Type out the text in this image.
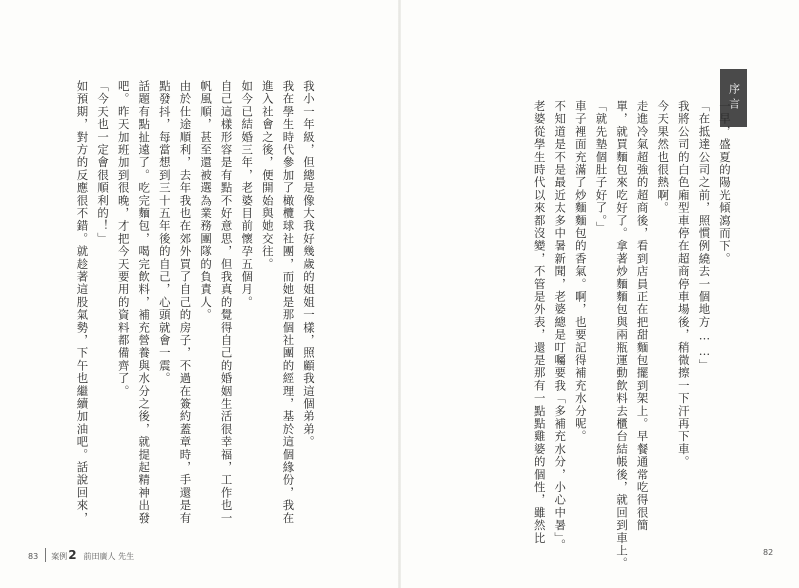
我小一年級，但總是像大我好幾歲的姐姐一樣，照顧我這個弟弟。

我在學生時代參加了橄欖球社團，而她是那個社團的經理，基於這個緣份，我在

進入社會之後，便開始與她交往。

如今已結婚三年，老婆目前懷孕五個月。

自己這樣形容是有點不好意思，但我真的覺得自己的婚姻生活很幸福，工作也一

帆風順，甚至還被選為業務團隊的負責人。

由於仕途順利，去年我也在郊外買了自己的房子，不過在簽約蓋章時，手還是有

點發抖，每當想到三十五年後的自己，心頭就會一震。

話題有點扯遠了。吃完麵包，喝完飲料，補充營養與水分之後，就提起精神出發

吧。昨天加班加到很晚，才把今天要用的資料都備齊了。

「今天也一定會很順利的！」

如預期，對方的反應很不錯。就趁著這股氣勢，下午也繼續加油吧。話說回來，

83 案例 2 前田廣人 先生
序言

一早，盛夏的陽光傾瀉而下。

「在抵達公司之前，照慣例繞去一個地方……」

我將公司的白色廂型車停在超商停車場後，稍微擦一下汗再下車。

今天果然也很熱啊。

走進冷氣超強的超商後，看到店員正在把甜麵包擺到架上。早餐通常吃得很簡

單，就買麵包來吃好了。拿著炒麵麵包與兩瓶運動飲料去櫃台結帳後，就回到車上。

「就先墊個肚子好了。」

車子裡面充滿了炒麵麵包的香氣。啊，也要記得補充水分呢。

不知道是不是最近太多中暑新聞，老婆總是叮囑要我「多補充水分，小心中暑」。

老婆從學生時代以來都沒變，不管是外表，還是那有一點點雞婆的個性，雖然比

82
